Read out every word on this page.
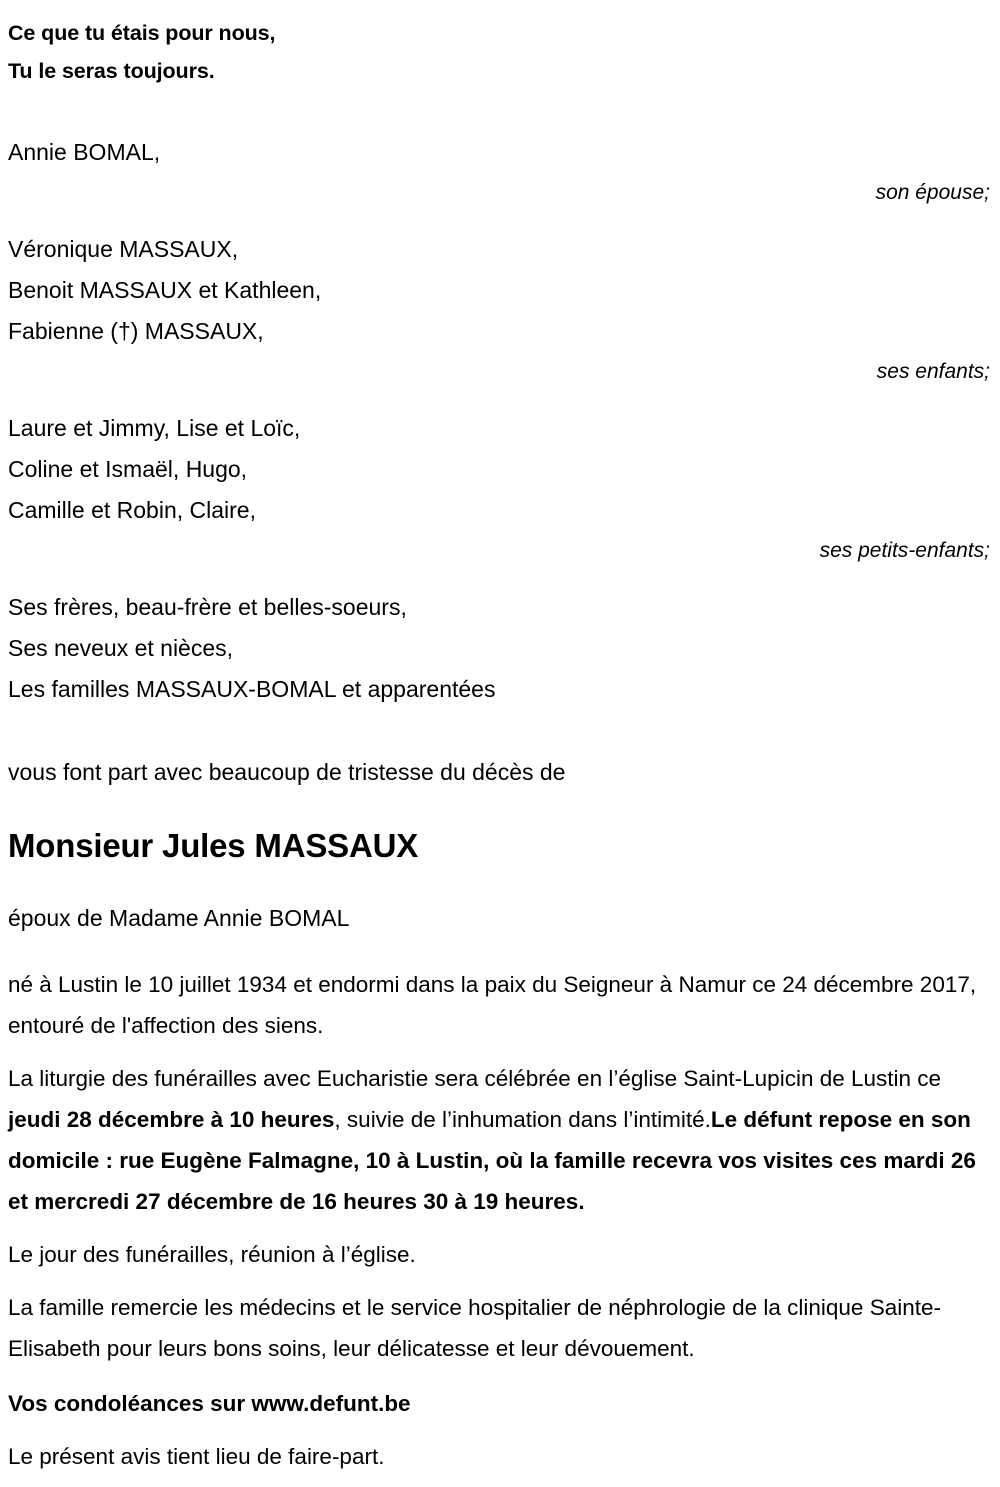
Ce que tu étais pour nous,
Tu le seras toujours.
Annie BOMAL,
son épouse;
Véronique MASSAUX,
Benoit MASSAUX et Kathleen,
Fabienne (†) MASSAUX,
ses enfants;
Laure et Jimmy, Lise et Loïc,
Coline et Ismaël, Hugo,
Camille et Robin, Claire,
ses petits-enfants;
Ses frères, beau-frère et belles-soeurs,
Ses neveux et nièces,
Les familles MASSAUX-BOMAL et apparentées
vous font part avec beaucoup de tristesse du décès de
Monsieur Jules MASSAUX
époux de Madame Annie BOMAL
né à Lustin le 10 juillet 1934 et endormi dans la paix du Seigneur à Namur ce 24 décembre 2017, entouré de l'affection des siens.
La liturgie des funérailles avec Eucharistie sera célébrée en l’église Saint-Lupicin de Lustin ce jeudi 28 décembre à 10 heures, suivie de l’inhumation dans l’intimité.Le défunt repose en son domicile : rue Eugène Falmagne, 10 à Lustin, où la famille recevra vos visites ces mardi 26 et mercredi 27 décembre de 16 heures 30 à 19 heures.
Le jour des funérailles, réunion à l’église.
La famille remercie les médecins et le service hospitalier de néphrologie de la clinique Sainte-Elisabeth pour leurs bons soins, leur délicatesse et leur dévouement.
Vos condoléances sur www.defunt.be
Le présent avis tient lieu de faire-part.
